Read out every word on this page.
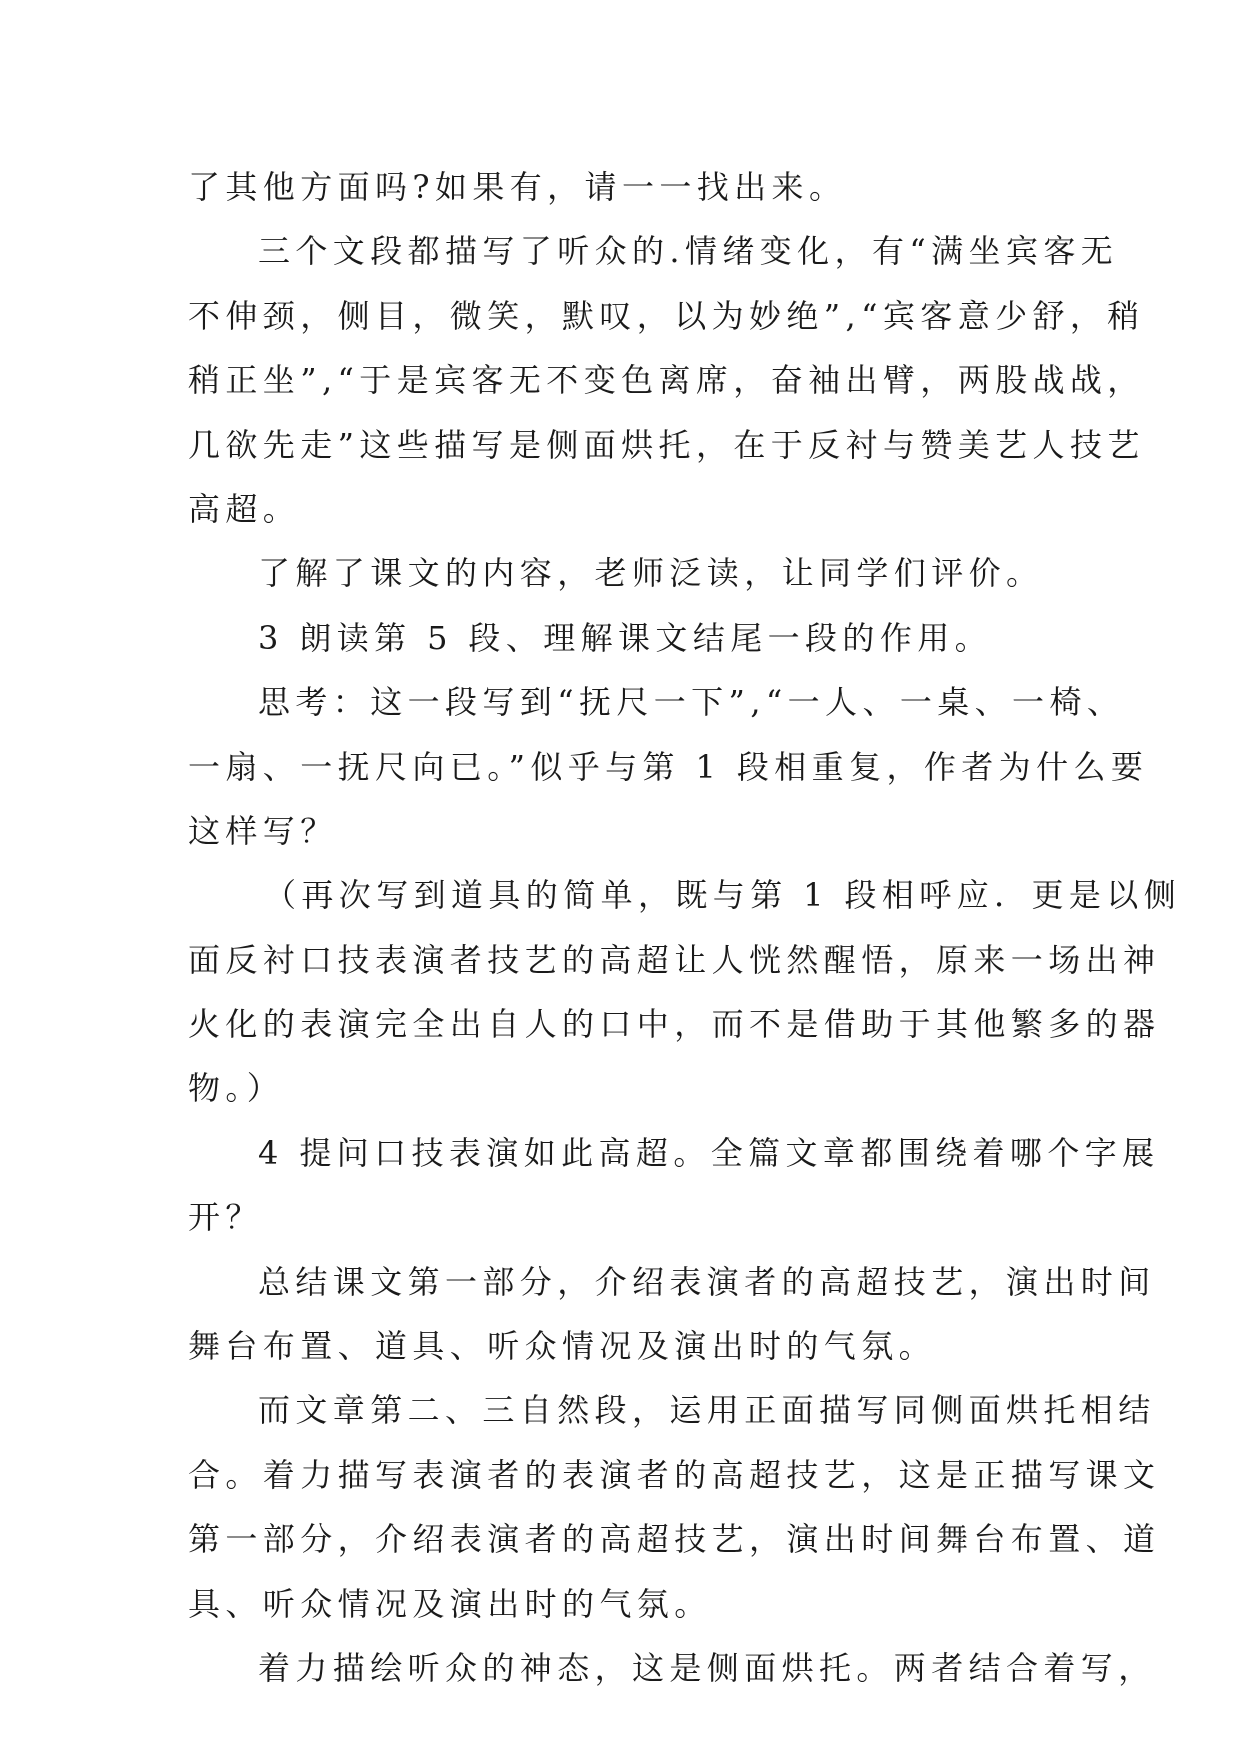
了其他方面吗?如果有，请一一找出来。
三个文段都描写了听众的.情绪变化，有“满坐宾客无
不伸颈，侧目，微笑，默叹，以为妙绝”,“宾客意少舒，稍
稍正坐”,“于是宾客无不变色离席，奋袖出臂，两股战战，
几欲先走”这些描写是侧面烘托，在于反衬与赞美艺人技艺
高超。
了解了课文的内容，老师泛读，让同学们评价。
3 朗读第 5 段、理解课文结尾一段的作用。
思考：这一段写到“抚尺一下”,“一人、一桌、一椅、
一扇、一抚尺向已。”似乎与第 1 段相重复，作者为什么要
这样写？
（再次写到道具的简单，既与第 1 段相呼应．更是以侧
面反衬口技表演者技艺的高超让人恍然醒悟，原来一场出神
火化的表演完全出自人的口中，而不是借助于其他繁多的器
物。）
4 提问口技表演如此高超。全篇文章都围绕着哪个字展
开？
总结课文第一部分，介绍表演者的高超技艺，演出时间
舞台布置、道具、听众情况及演出时的气氛。
而文章第二、三自然段，运用正面描写同侧面烘托相结
合。着力描写表演者的表演者的高超技艺，这是正描写课文
第一部分，介绍表演者的高超技艺，演出时间舞台布置、道
具、听众情况及演出时的气氛。
着力描绘听众的神态，这是侧面烘托。两者结合着写，
